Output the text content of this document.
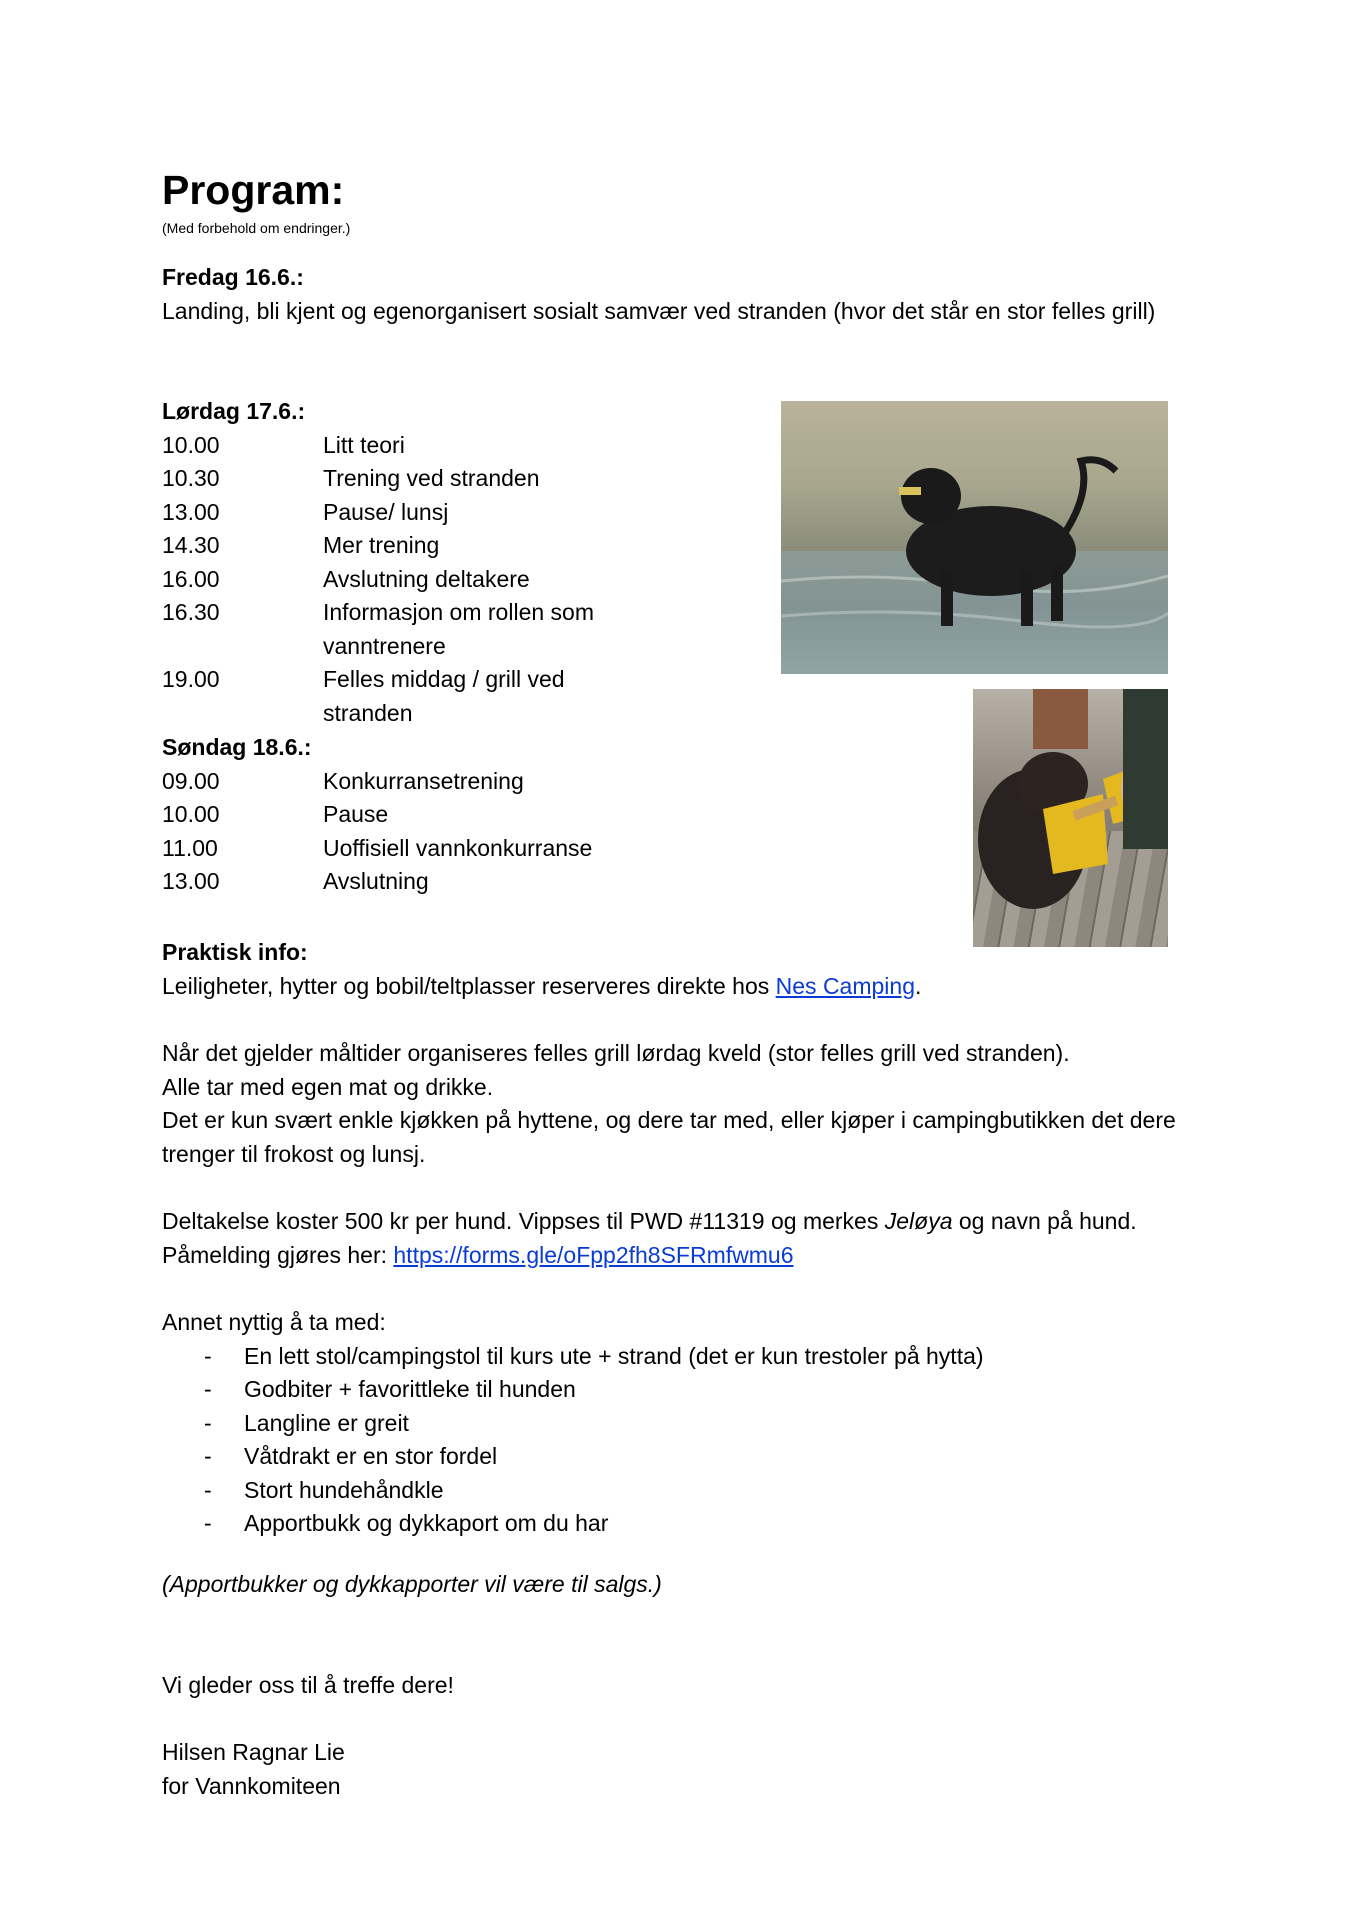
Program:
(Med forbehold om endringer.)

Fredag 16.6.:

Landing, bli kjent og egenorganisert sosialt samvær ved stranden (hvor det står en stor felles grill)

Lørdag 17.6.:

10.00	Litt teori
10.30	Trening ved stranden
13.00	Pause/ lunsj
14.30	Mer trening
16.00	Avslutning deltakere
16.30	Informasjon om rollen som vanntrenere
19.00	Felles middag / grill ved stranden

Søndag 18.6.:

09.00	Konkurransetrening
10.00	Pause
11.00	Uoffisiell vannkonkurranse
13.00	Avslutning

Praktisk info:

Leiligheter, hytter og bobil/teltplasser reserveres direkte hos Nes Camping.

Når det gjelder måltider organiseres felles grill lørdag kveld (stor felles grill ved stranden).

Alle tar med egen mat og drikke.

Det er kun svært enkle kjøkken på hyttene, og dere tar med, eller kjøper i campingbutikken det dere trenger til frokost og lunsj.

Deltakelse koster 500 kr per hund. Vippses til PWD #11319 og merkes Jeløya og navn på hund. Påmelding gjøres her: https://forms.gle/oFpp2fh8SFRmfwmu6

Annet nyttig å ta med:

- En lett stol/campingstol til kurs ute + strand (det er kun trestoler på hytta)
- Godbiter + favorittleke til hunden
- Langline er greit
- Våtdrakt er en stor fordel
- Stort hundehåndkle
- Apportbukk og dykkaport om du har

(Apportbukker og dykkapporter vil være til salgs.)

Vi gleder oss til å treffe dere!

Hilsen Ragnar Lie

for Vannkomiteen
